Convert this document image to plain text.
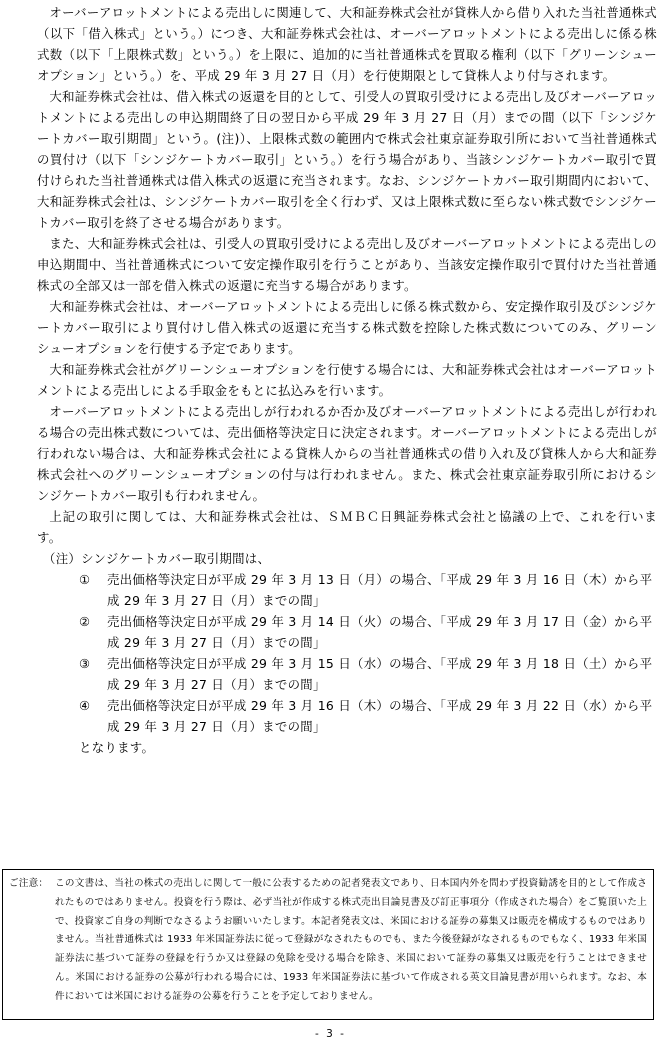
オーバーアロットメントによる売出しに関連して、大和証券株式会社が貸株人から借り入れた当社普通株式（以下「借入株式」という。）につき、大和証券株式会社は、オーバーアロットメントによる売出しに係る株式数（以下「上限株式数」という。）を上限に、追加的に当社普通株式を買取る権利（以下「グリーンシューオプション」という。）を、平成 29 年 3 月 27 日（月）を行使期限として貸株人より付与されます。

大和証券株式会社は、借入株式の返還を目的として、引受人の買取引受けによる売出し及びオーバーアロットメントによる売出しの申込期間終了日の翌日から平成 29 年 3 月 27 日（月）までの間（以下「シンジケートカバー取引期間」という。(注)）、上限株式数の範囲内で株式会社東京証券取引所において当社普通株式の買付け（以下「シンジケートカバー取引」という。）を行う場合があり、当該シンジケートカバー取引で買付けられた当社普通株式は借入株式の返還に充当されます。なお、シンジケートカバー取引期間内において、大和証券株式会社は、シンジケートカバー取引を全く行わず、又は上限株式数に至らない株式数でシンジケートカバー取引を終了させる場合があります。

また、大和証券株式会社は、引受人の買取引受けによる売出し及びオーバーアロットメントによる売出しの申込期間中、当社普通株式について安定操作取引を行うことがあり、当該安定操作取引で買付けた当社普通株式の全部又は一部を借入株式の返還に充当する場合があります。

大和証券株式会社は、オーバーアロットメントによる売出しに係る株式数から、安定操作取引及びシンジケートカバー取引により買付けし借入株式の返還に充当する株式数を控除した株式数についてのみ、グリーンシューオプションを行使する予定であります。

大和証券株式会社がグリーンシューオプションを行使する場合には、大和証券株式会社はオーバーアロットメントによる売出しによる手取金をもとに払込みを行います。

オーバーアロットメントによる売出しが行われるか否か及びオーバーアロットメントによる売出しが行われる場合の売出株式数については、売出価格等決定日に決定されます。オーバーアロットメントによる売出しが行われない場合は、大和証券株式会社による貸株人からの当社普通株式の借り入れ及び貸株人から大和証券株式会社へのグリーンシューオプションの付与は行われません。また、株式会社東京証券取引所におけるシンジケートカバー取引も行われません。

上記の取引に関しては、大和証券株式会社は、ＳＭＢＣ日興証券株式会社と協議の上で、これを行います。

（注）シンジケートカバー取引期間は、
① 売出価格等決定日が平成 29 年 3 月 13 日（月）の場合、「平成 29 年 3 月 16 日（木）から平成 29 年 3 月 27 日（月）までの間」
② 売出価格等決定日が平成 29 年 3 月 14 日（火）の場合、「平成 29 年 3 月 17 日（金）から平成 29 年 3 月 27 日（月）までの間」
③ 売出価格等決定日が平成 29 年 3 月 15 日（水）の場合、「平成 29 年 3 月 18 日（土）から平成 29 年 3 月 27 日（月）までの間」
④ 売出価格等決定日が平成 29 年 3 月 16 日（木）の場合、「平成 29 年 3 月 22 日（水）から平成 29 年 3 月 27 日（月）までの間」
となります。
ご注意： この文書は、当社の株式の売出しに関して一般に公表するための記者発表文であり、日本国内外を問わず投資勧誘を目的として作成されたものではありません。投資を行う際は、必ず当社が作成する株式売出目論見書及び訂正事項分（作成された場合）をご覧頂いた上で、投資家ご自身の判断でなさるようお願いいたします。本記者発表文は、米国における証券の募集又は販売を構成するものではありません。当社普通株式は 1933 年米国証券法に従って登録がなされたものでも、また今後登録がなされるものでもなく、1933 年米国証券法に基づいて証券の登録を行うか又は登録の免除を受ける場合を除き、米国において証券の募集又は販売を行うことはできません。米国における証券の公募が行われる場合には、1933 年米国証券法に基づいて作成される英文目論見書が用いられます。なお、本件においては米国における証券の公募を行うことを予定しておりません。
- 3 -
